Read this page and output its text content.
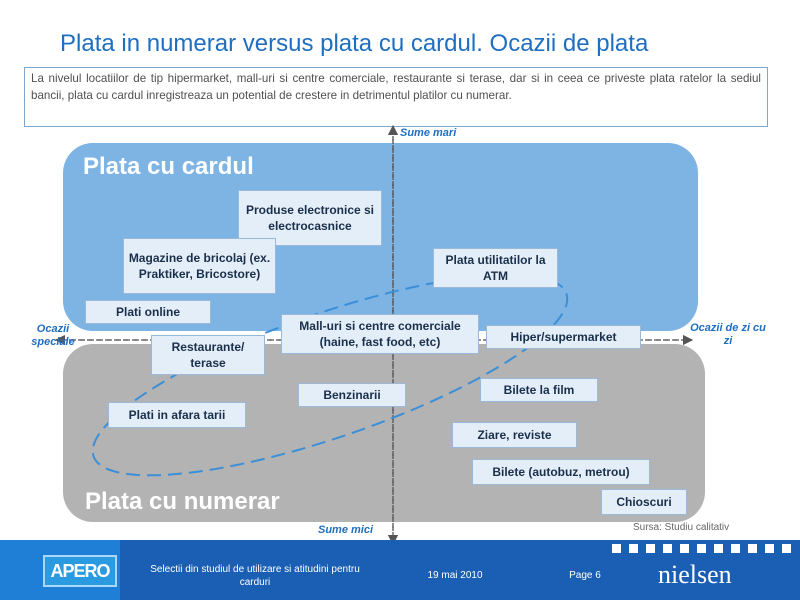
Plata in numerar versus plata cu cardul. Ocazii de plata
La nivelul locatiilor de tip hipermarket, mall-uri si centre comerciale, restaurante si terase, dar si in ceea ce priveste plata ratelor la sediul bancii, plata cu cardul inregistreaza un potential de crestere in detrimentul platilor cu numerar.
Plata cu cardul
Plata cu numerar
Sume mari
Sume mici
Ocazii speciale
Ocazii de zi cu zi
Produse electronice si electrocasnice
Magazine de bricolaj (ex. Praktiker, Bricostore)
Plata utilitatilor la ATM
Plati online
Mall-uri si centre comerciale (haine, fast food, etc)	Hiper/supermarket
Restaurante/ terase
Benzinarii	Bilete la film
Plati in afara tarii
Ziare, reviste
Bilete (autobuz, metrou)
Chioscuri
Sursa: Studiu calitativ
APERO	Selectii din studiul de utilizare si atitudini pentru carduri
19 mai 2010	Page 6	nielsen
